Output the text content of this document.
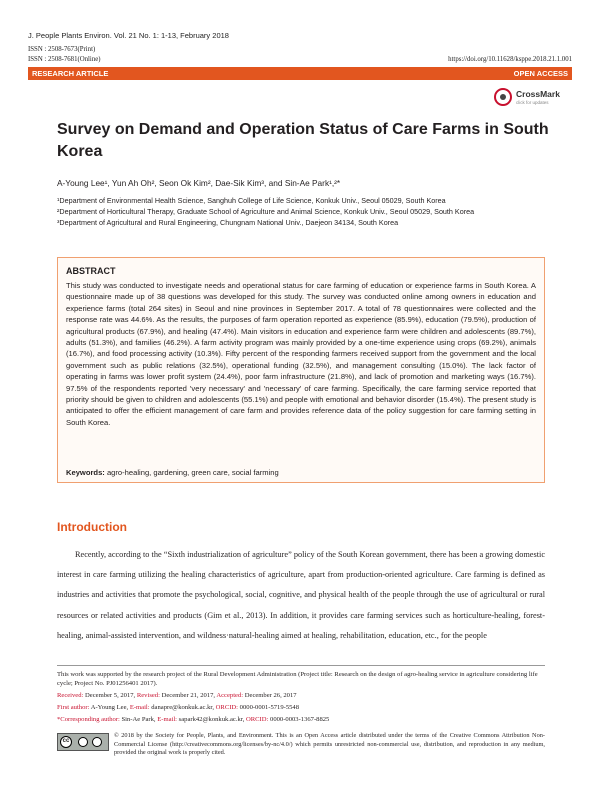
J. People Plants Environ. Vol. 21 No. 1: 1-13, February 2018
ISSN : 2508-7673(Print)
ISSN : 2508-7681(Online)	https://doi.org/10.11628/ksppe.2018.21.1.001
RESEARCH ARTICLE	OPEN ACCESS
CrossMark
click for updates
Survey on Demand and Operation Status of Care Farms in South Korea
A-Young Lee¹, Yun Ah Oh², Seon Ok Kim², Dae-Sik Kim³, and Sin-Ae Park¹,²*
¹Department of Environmental Health Science, Sanghuh College of Life Science, Konkuk Univ., Seoul 05029, South Korea
²Department of Horticultural Therapy, Graduate School of Agriculture and Animal Science, Konkuk Univ., Seoul 05029, South Korea
³Department of Agricultural and Rural Engineering, Chungnam National Univ., Daejeon 34134, South Korea
ABSTRACT
This study was conducted to investigate needs and operational status for care farming of education or experience farms in South Korea. A questionnaire made up of 38 questions was developed for this study. The survey was conducted online among owners in education and experience farms (total 264 sites) in Seoul and nine provinces in September 2017. A total of 78 questionnaires were collected and the response rate was 44.6%. As the results, the purposes of farm operation reported as experience (85.9%), education (79.5%), production of agricultural products (67.9%), and healing (47.4%). Main visitors in education and experience farm were children and adolescents (89.7%), adults (51.3%), and families (46.2%). A farm activity program was mainly provided by a one-time experience using crops (69.2%), animals (16.7%), and food processing activity (10.3%). Fifty percent of the responding farmers received support from the government and the local government such as public relations (32.5%), operational funding (32.5%), and management consulting (15.0%). The lack factor of operating in farms was lower profit system (24.4%), poor farm infrastructure (21.8%), and lack of promotion and marketing ways (16.7%). 97.5% of the respondents reported 'very necessary' and 'necessary' of care farming. Specifically, the care farming service reported that priority should be given to children and adolescents (55.1%) and people with emotional and behavior disorder (15.4%). The present study is anticipated to offer the efficient management of care farm and provides reference data of the policy suggestion for care farming setting in South Korea.
Keywords: agro-healing, gardening, green care, social farming
Introduction
Recently, according to the “Sixth industrialization of agriculture” policy of the South Korean government, there has been a growing domestic interest in care farming utilizing the healing characteristics of agriculture, apart from production-oriented agriculture. Care farming is defined as industries and activities that promote the psychological, social, cognitive, and physical health of the people through the use of agricultural or rural resources or related activities and products (Gim et al., 2013). In addition, it provides care farming services such as horticulture-healing, forest-healing, animal-assisted intervention, and wildness·natural-healing aimed at healing, rehabilitation, education, etc., for the people
This work was supported by the research project of the Rural Development Administration (Project title: Research on the design of agro-healing service in agriculture considering life cycle; Project No. PJ01256401 2017).
Received: December 5, 2017, Revised: December 21, 2017, Accepted: December 26, 2017
First author: A-Young Lee, E-mail: danapre@konkuk.ac.kr, ORCID: 0000-0001-5719-5548
*Corresponding author: Sin-Ae Park, E-mail: sapark42@konkuk.ac.kr, ORCID: 0000-0003-1367-8825
cc
© 2018 by the Society for People, Plants, and Environment. This is an Open Access article distributed under the terms of the Creative Commons Attribution Non-Commercial License (http://creativecommons.org/licenses/by-nc/4.0/) which permits unrestricted non-commercial use, distribution, and reproduction in any medium, provided the original work is properly cited.
